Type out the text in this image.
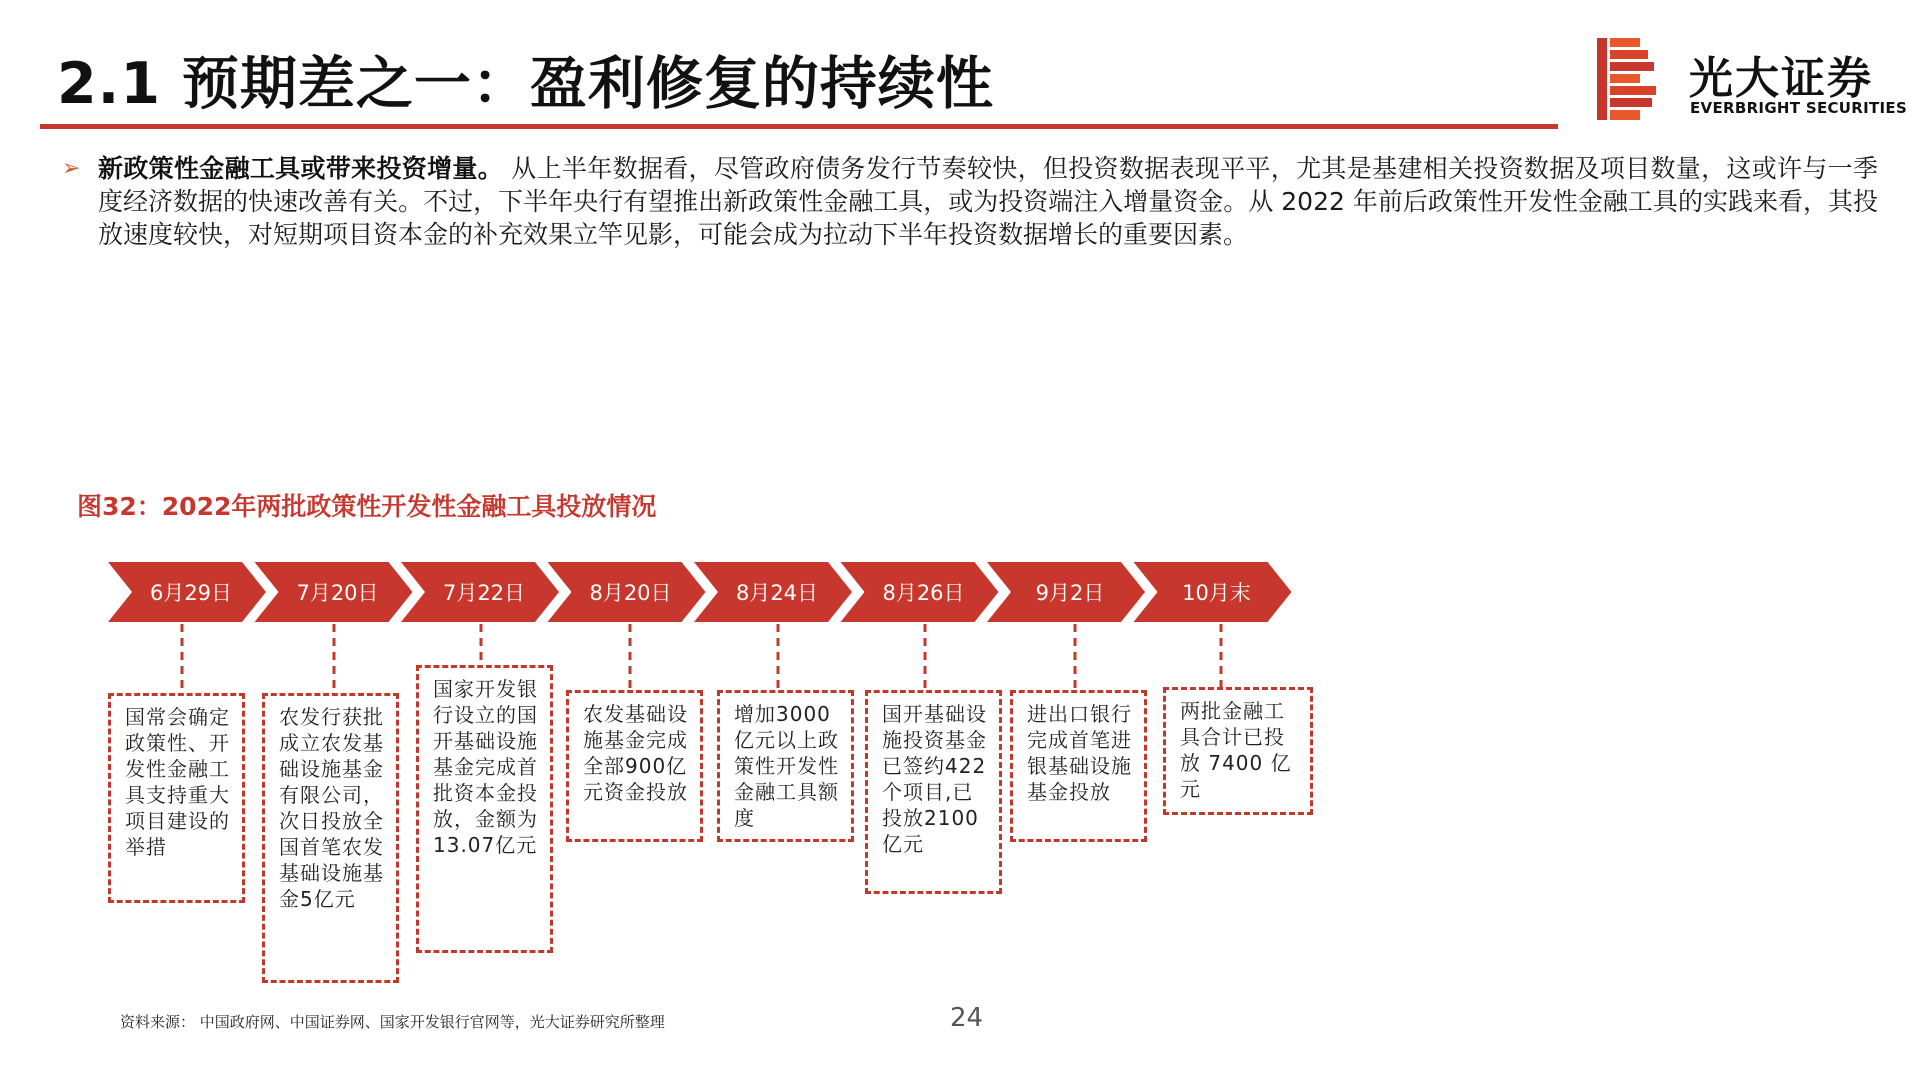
2.1 预期差之一：盈利修复的持续性	光大证券
EVERBRIGHT SECURITIES
➢ 新政策性金融工具或带来投资增量。 从上半年数据看，尽管政府债务发行节奏较快，但投资数据表现平平，尤其是基建相关投资数据及项目数量，这或许与一季度经济数据的快速改善有关。不过，下半年央行有望推出新政策性金融工具，或为投资端注入增量资金。从 2022 年前后政策性开发性金融工具的实践来看，其投放速度较快，对短期项目资本金的补充效果立竿见影，可能会成为拉动下半年投资数据增长的重要因素。
图32：2022年两批政策性开发性金融工具投放情况
6月29日	7月20日	7月22日	8月20日	8月24日	8月26日	9月2日	10月末
国常会确定政策性、开发性金融工具支持重大项目建设的举措
农发行获批成立农发基础设施基金有限公司，次日投放全国首笔农发基础设施基金5亿元
国家开发银行设立的国开基础设施基金完成首批资本金投放，金额为13.07亿元
农发基础设施基金完成全部900亿元资金投放
增加3000亿元以上政策性开发性金融工具额度
国开基础设施投资基金已签约422个项目,已投放2100亿元
进出口银行完成首笔进银基础设施基金投放
两批金融工具合计已投放 7400 亿元
资料来源： 中国政府网、中国证券网、国家开发银行官网等，光大证券研究所整理	24
